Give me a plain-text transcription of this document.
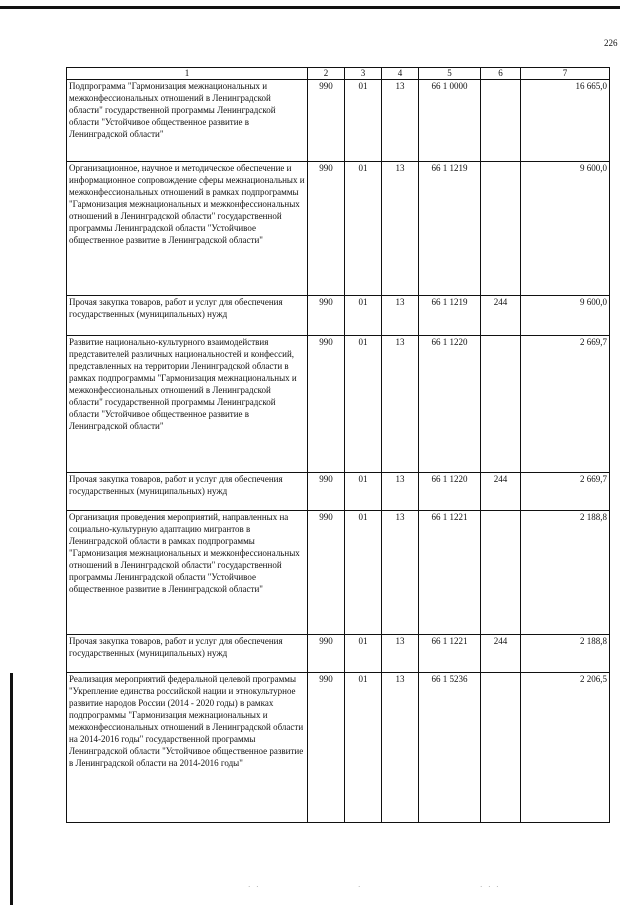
226
· ·	·	· · ·
1	2	3	4	5	6	7
Подпрограмма "Гармонизация межнациональных и межконфессиональных отношений в Ленинградской области" государственной программы Ленинградской области "Устойчивое общественное развитие в Ленинградской области"	990	01	13	66 1 0000		16 665,0
Организационное, научное и методическое обеспечение и информационное сопровождение сферы межнациональных и межконфессиональных отношений в рамках подпрограммы "Гармонизация межнациональных и межконфессиональных отношений в Ленинградской области" государственной программы Ленинградской области "Устойчивое общественное развитие в Ленинградской области"	990	01	13	66 1 1219		9 600,0
Прочая закупка товаров, работ и услуг для обеспечения государственных (муниципальных) нужд	990	01	13	66 1 1219	244	9 600,0
Развитие национально-культурного взаимодействия представителей различных национальностей и конфессий, представленных на территории Ленинградской области в рамках подпрограммы "Гармонизация межнациональных и межконфессиональных отношений в Ленинградской области" государственной программы Ленинградской области "Устойчивое общественное развитие в Ленинградской области"	990	01	13	66 1 1220		2 669,7
Прочая закупка товаров, работ и услуг для обеспечения государственных (муниципальных) нужд	990	01	13	66 1 1220	244	2 669,7
Организация проведения мероприятий, направленных на социально-культурную адаптацию мигрантов в Ленинградской области в рамках подпрограммы "Гармонизация межнациональных и межконфессиональных отношений в Ленинградской области" государственной программы Ленинградской области "Устойчивое общественное развитие в Ленинградской области"	990	01	13	66 1 1221		2 188,8
Прочая закупка товаров, работ и услуг для обеспечения государственных (муниципальных) нужд	990	01	13	66 1 1221	244	2 188,8
Реализация мероприятий федеральной целевой программы "Укрепление единства российской нации и этнокультурное развитие народов России (2014 - 2020 годы) в рамках подпрограммы "Гармонизация межнациональных и межконфессиональных отношений в Ленинградской области на 2014-2016 годы" государственной программы Ленинградской области "Устойчивое общественное развитие в Ленинградской области на 2014-2016 годы"	990	01	13	66 1 5236		2 206,5
